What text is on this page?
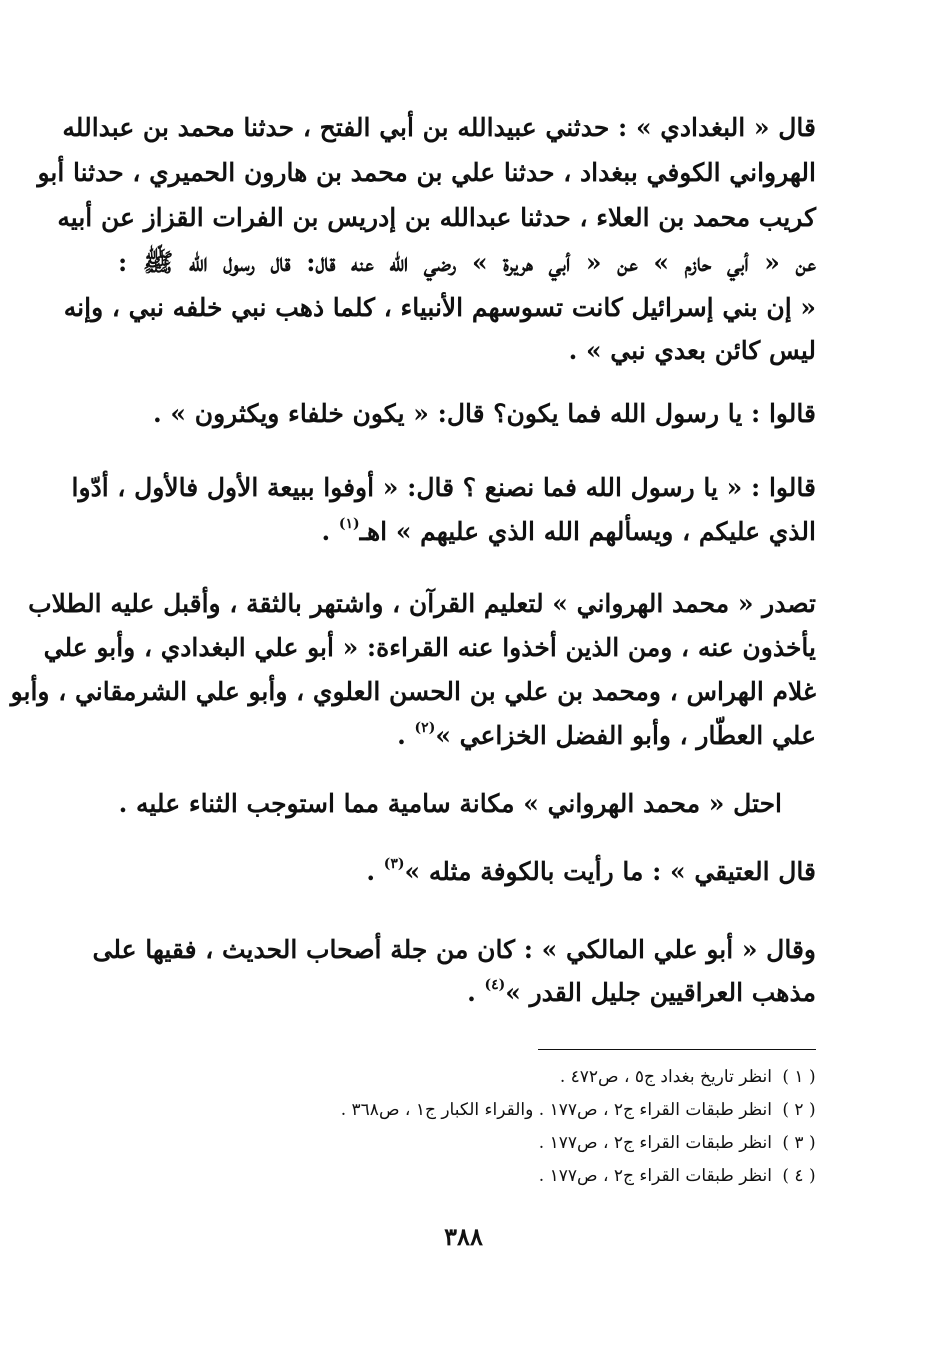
قال « البغدادي » : حدثني عبيدالله بن أبي الفتح ، حدثنا محمد بن عبدالله
الهرواني الكوفي ببغداد ، حدثنا علي بن محمد بن هارون الحميري ، حدثنا أبو
كريب محمد بن العلاء ، حدثنا عبدالله بن إدريس بن الفرات القزاز عن أبيه
عن « أبي حازم » عن « أبي هريرة » رضي الله عنه قال: قال رسول الله ﷺ :
« إن بني إسرائيل كانت تسوسهم الأنبياء ، كلما ذهب نبي خلفه نبي ، وإنه
ليس كائن بعدي نبي » .
قالوا : يا رسول الله فما يكون؟ قال: « يكون خلفاء ويكثرون » .
قالوا : « يا رسول الله فما نصنع ؟ قال: « أوفوا ببيعة الأول فالأول ، أدّوا
الذي عليكم ، ويسألهم الله الذي عليهم » اهـ$^{(١)}$ .
تصدر « محمد الهرواني » لتعليم القرآن ، واشتهر بالثقة ، وأقبل عليه الطلاب
يأخذون عنه ، ومن الذين أخذوا عنه القراءة: « أبو علي البغدادي ، وأبو علي
غلام الهراس ، ومحمد بن علي بن الحسن العلوي ، وأبو علي الشرمقاني ، وأبو
علي العطّار ، وأبو الفضل الخزاعي »$^{(٢)}$ .
احتل « محمد الهرواني » مكانة سامية مما استوجب الثناء عليه .
قال العتيقي » : ما رأيت بالكوفة مثله »$^{(٣)}$ .
وقال « أبو علي المالكي » : كان من جلة أصحاب الحديث ، فقيها على
مذهب العراقيين جليل القدر »$^{(٤)}$ .
( ١ )انظر تاريخ بغداد ج٥ ، ص٤٧٢ .
( ٢ )انظر طبقات القراء ج٢ ، ص١٧٧ . والقراء الكبار ج١ ، ص٣٦٨ .
( ٣ )انظر طبقات القراء ج٢ ، ص١٧٧ .
( ٤ )انظر طبقات القراء ج٢ ، ص١٧٧ .
٣٨٨
